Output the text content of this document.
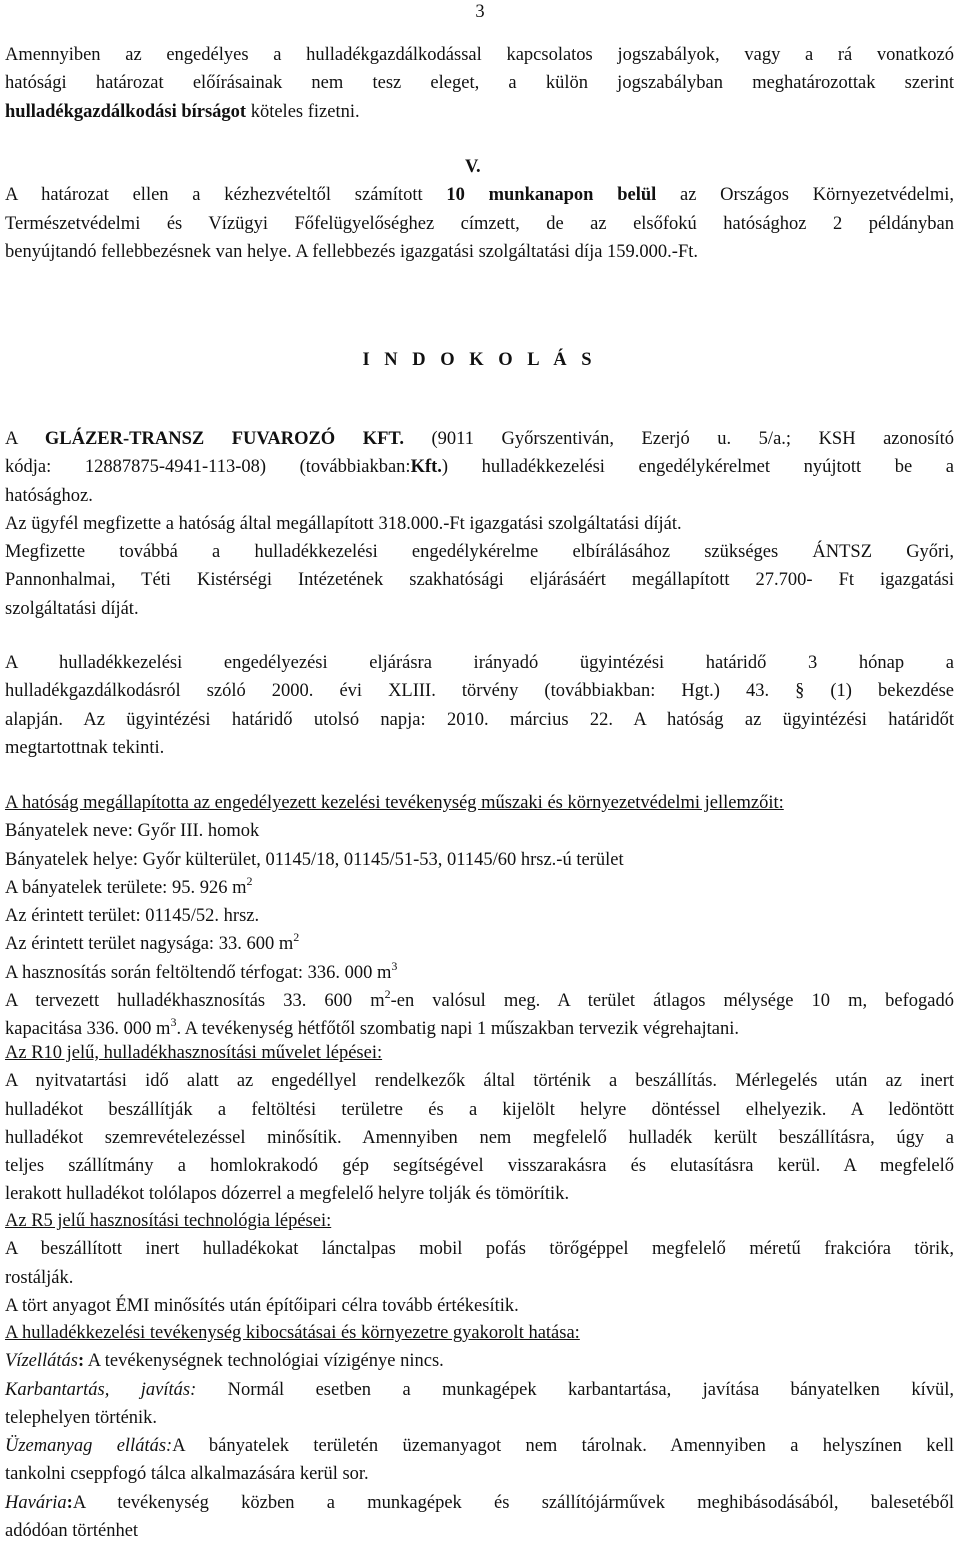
3
Amennyiben az engedélyes a hulladékgazdálkodással kapcsolatos jogszabályok, vagy a rá vonatkozó
hatósági határozat előírásainak nem tesz eleget, a külön jogszabályban meghatározottak szerint
hulladékgazdálkodási bírságot köteles fizetni.
V.
A határozat ellen a kézhezvételtől számított 10 munkanapon belül az Országos Környezetvédelmi,
Természetvédelmi és Vízügyi Főfelügyelőséghez címzett, de az elsőfokú hatósághoz 2 példányban
benyújtandó fellebbezésnek van helye. A fellebbezés igazgatási szolgáltatási díja 159.000.-Ft.
I N D O K O L Á S
A GLÁZER-TRANSZ FUVAROZÓ KFT. (9011 Győrszentiván, Ezerjó u. 5/a.; KSH azonosító
kódja: 12887875-4941-113-08) (továbbiakban:Kft.) hulladékkezelési engedélykérelmet nyújtott be a
hatósághoz.
Az ügyfél megfizette a hatóság által megállapított 318.000.-Ft igazgatási szolgáltatási díját.
Megfizette továbbá a hulladékkezelési engedélykérelme elbírálásához szükséges ÁNTSZ Győri,
Pannonhalmai, Téti Kistérségi Intézetének szakhatósági eljárásáért megállapított 27.700- Ft igazgatási
szolgáltatási díját.
A hulladékkezelési engedélyezési eljárásra irányadó ügyintézési határidő 3 hónap a
hulladékgazdálkodásról szóló 2000. évi XLIII. törvény (továbbiakban: Hgt.) 43. § (1) bekezdése
alapján. Az ügyintézési határidő utolsó napja: 2010. március 22. A hatóság az ügyintézési határidőt
megtartottnak tekinti.
A hatóság megállapította az engedélyezett kezelési tevékenység műszaki és környezetvédelmi jellemzőit:
Bányatelek neve: Győr III. homok
Bányatelek helye: Győr külterület, 01145/18, 01145/51-53, 01145/60 hrsz.-ú terület
A bányatelek területe: 95. 926 $m^2$
Az érintett terület: 01145/52. hrsz.
Az érintett terület nagysága: 33. 600 $m^2$
A hasznosítás során feltöltendő térfogat: 336. 000 $m^3$
A tervezett hulladékhasznosítás 33. 600 $m^2-en$ valósul meg. A terület átlagos mélysége 10 m, befogadó
kapacitása 336. 000 $m^3$. A tevékenység hétfőtől szombatig napi 1 műszakban tervezik végrehajtani.
Az R10 jelű, hulladékhasznosítási művelet lépései:
A nyitvatartási idő alatt az engedéllyel rendelkezők által történik a beszállítás. Mérlegelés után az inert
hulladékot beszállítják a feltöltési területre és a kijelölt helyre döntéssel elhelyezik. A ledöntött
hulladékot szemrevételezéssel minősítik. Amennyiben nem megfelelő hulladék került beszállításra, úgy a
teljes szállítmány a homlokrakodó gép segítségével visszarakásra és elutasításra kerül. A megfelelő
lerakott hulladékot tolólapos dózerrel a megfelelő helyre tolják és tömörítik.
Az R5 jelű hasznosítási technológia lépései:
A beszállított inert hulladékokat lánctalpas mobil pofás törőgéppel megfelelő méretű frakcióra törik,
rostálják.
A tört anyagot ÉMI minősítés után építőipari célra tovább értékesítik.
A hulladékkezelési tevékenység kibocsátásai és környezetre gyakorolt hatása:
Vízellátás: A tevékenységnek technológiai vízigénye nincs.
Karbantartás, javítás: Normál esetben a munkagépek karbantartása, javítása bányatelken kívül,
telephelyen történik.
Üzemanyag ellátás:A bányatelek területén üzemanyagot nem tárolnak. Amennyiben a helyszínen kell
tankolni cseppfogó tálca alkalmazására kerül sor.
Havária:A tevékenység közben a munkagépek és szállítójárművek meghibásodásából, balesetéből
adódóan történhet
